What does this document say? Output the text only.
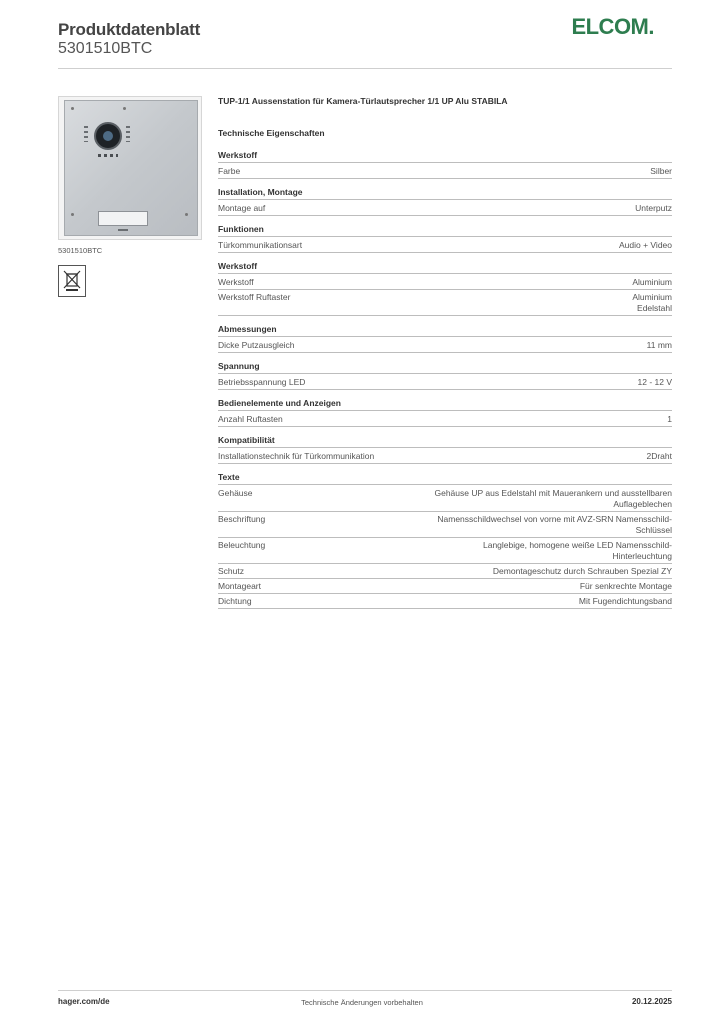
Produktdatenblatt
5301510BTC
ELCOM.
5301510BTC
TUP-1/1 Aussenstation für Kamera-Türlautsprecher 1/1 UP Alu STABILA
Technische Eigenschaften
Werkstoff
Farbe	Silber
Installation, Montage
Montage auf	Unterputz
Funktionen
Türkommunikationsart	Audio + Video
Werkstoff
Werkstoff	Aluminium
Werkstoff Ruftaster	Aluminium
Edelstahl
Abmessungen
Dicke Putzausgleich	11 mm
Spannung
Betriebsspannung LED	12 - 12 V
Bedienelemente und Anzeigen
Anzahl Ruftasten	1
Kompatibilität
Installationstechnik für Türkommunikation	2Draht
Texte
Gehäuse	Gehäuse UP aus Edelstahl mit Mauerankern und ausstellbaren
Auflageblechen
Beschriftung	Namensschildwechsel von vorne mit AVZ-SRN Namensschild-
Schlüssel
Beleuchtung	Langlebige, homogene weiße LED Namensschild-
Hinterleuchtung
Schutz	Demontageschutz durch Schrauben Spezial ZY
Montageart	Für senkrechte Montage
Dichtung	Mit Fugendichtungsband
hager.com/de	Technische Änderungen vorbehalten	20.12.2025
